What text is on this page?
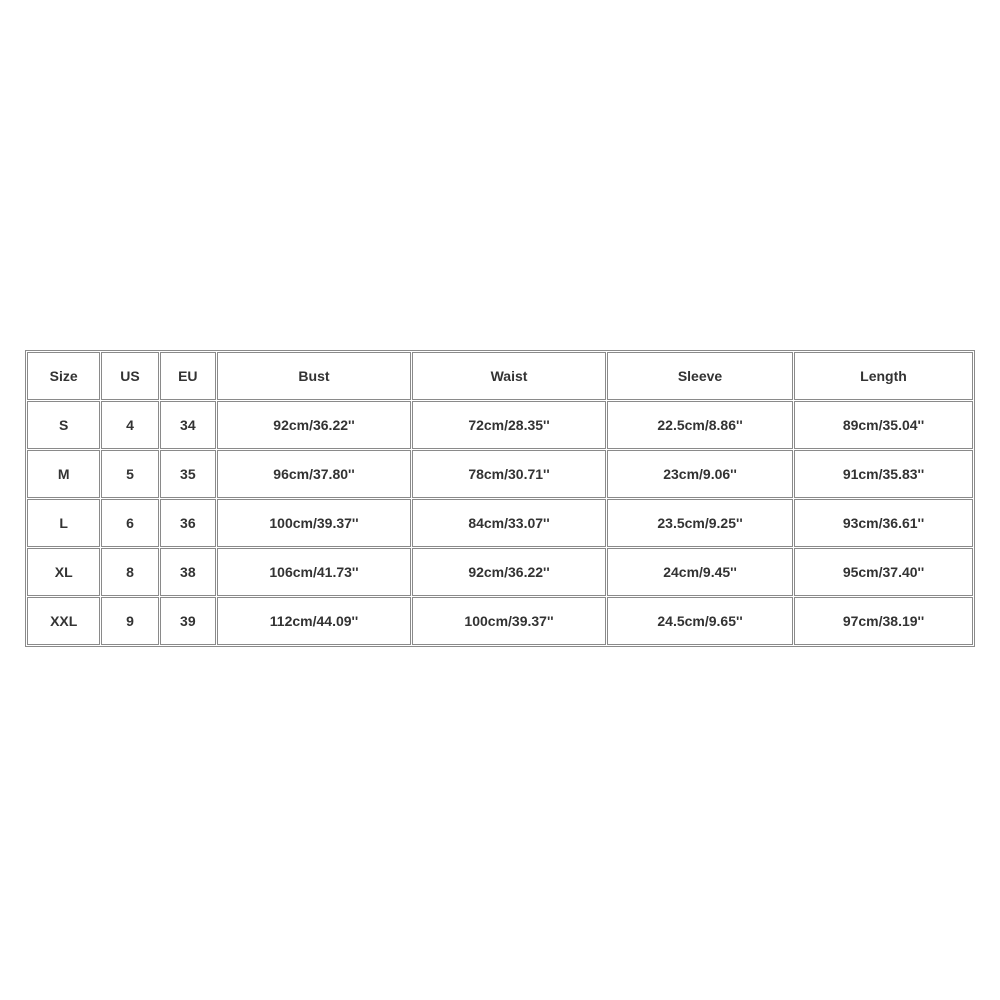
Size	US	EU	Bust	Waist	Sleeve	Length
S	4	34	92cm/36.22''	72cm/28.35''	22.5cm/8.86''	89cm/35.04''
M	5	35	96cm/37.80''	78cm/30.71''	23cm/9.06''	91cm/35.83''
L	6	36	100cm/39.37''	84cm/33.07''	23.5cm/9.25''	93cm/36.61''
XL	8	38	106cm/41.73''	92cm/36.22''	24cm/9.45''	95cm/37.40''
XXL	9	39	112cm/44.09''	100cm/39.37''	24.5cm/9.65''	97cm/38.19''
